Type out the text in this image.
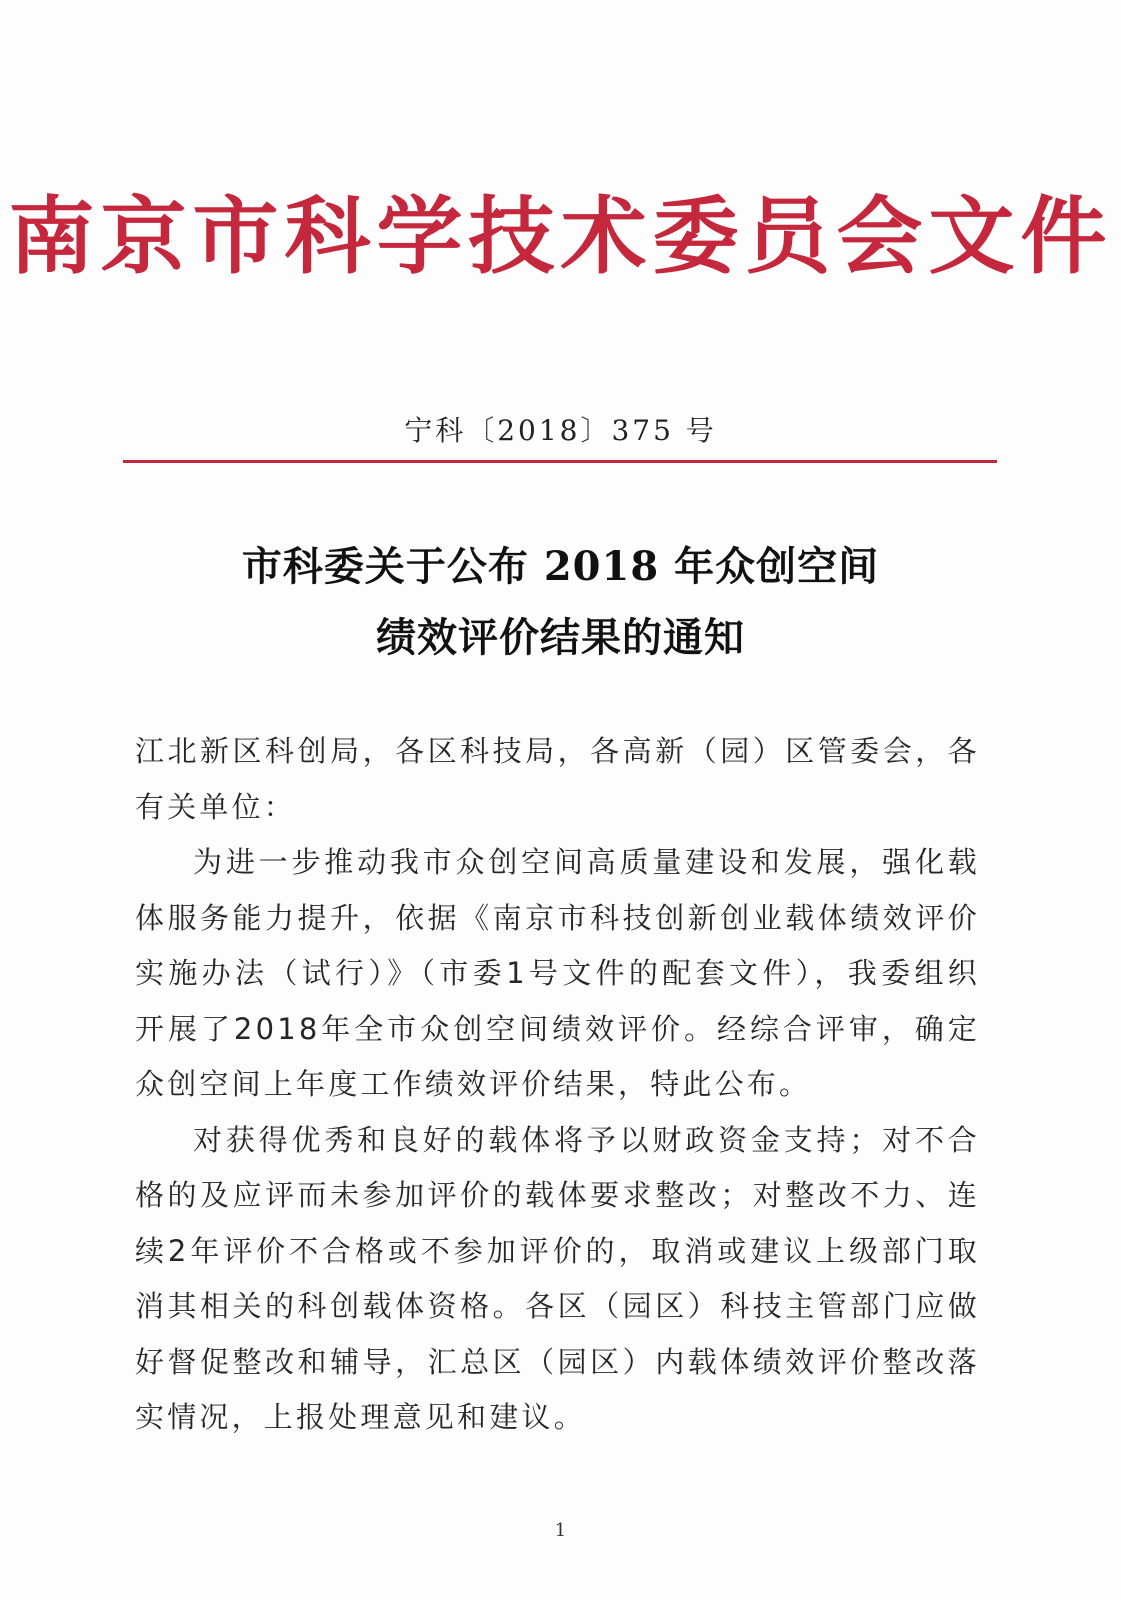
南京市科学技术委员会文件
宁科〔2018〕375 号
市科委关于公布 2018 年众创空间
绩效评价结果的通知

江北新区科创局，各区科技局，各高新（园）区管委会，各有关单位：

为进一步推动我市众创空间高质量建设和发展，强化载体服务能力提升，依据《南京市科技创新创业载体绩效评价实施办法（试行）》（市委1号文件的配套文件），我委组织开展了2018年全市众创空间绩效评价。经综合评审，确定众创空间上年度工作绩效评价结果，特此公布。

对获得优秀和良好的载体将予以财政资金支持；对不合格的及应评而未参加评价的载体要求整改；对整改不力、连续2年评价不合格或不参加评价的，取消或建议上级部门取消其相关的科创载体资格。各区（园区）科技主管部门应做好督促整改和辅导，汇总区（园区）内载体绩效评价整改落实情况，上报处理意见和建议。

1
